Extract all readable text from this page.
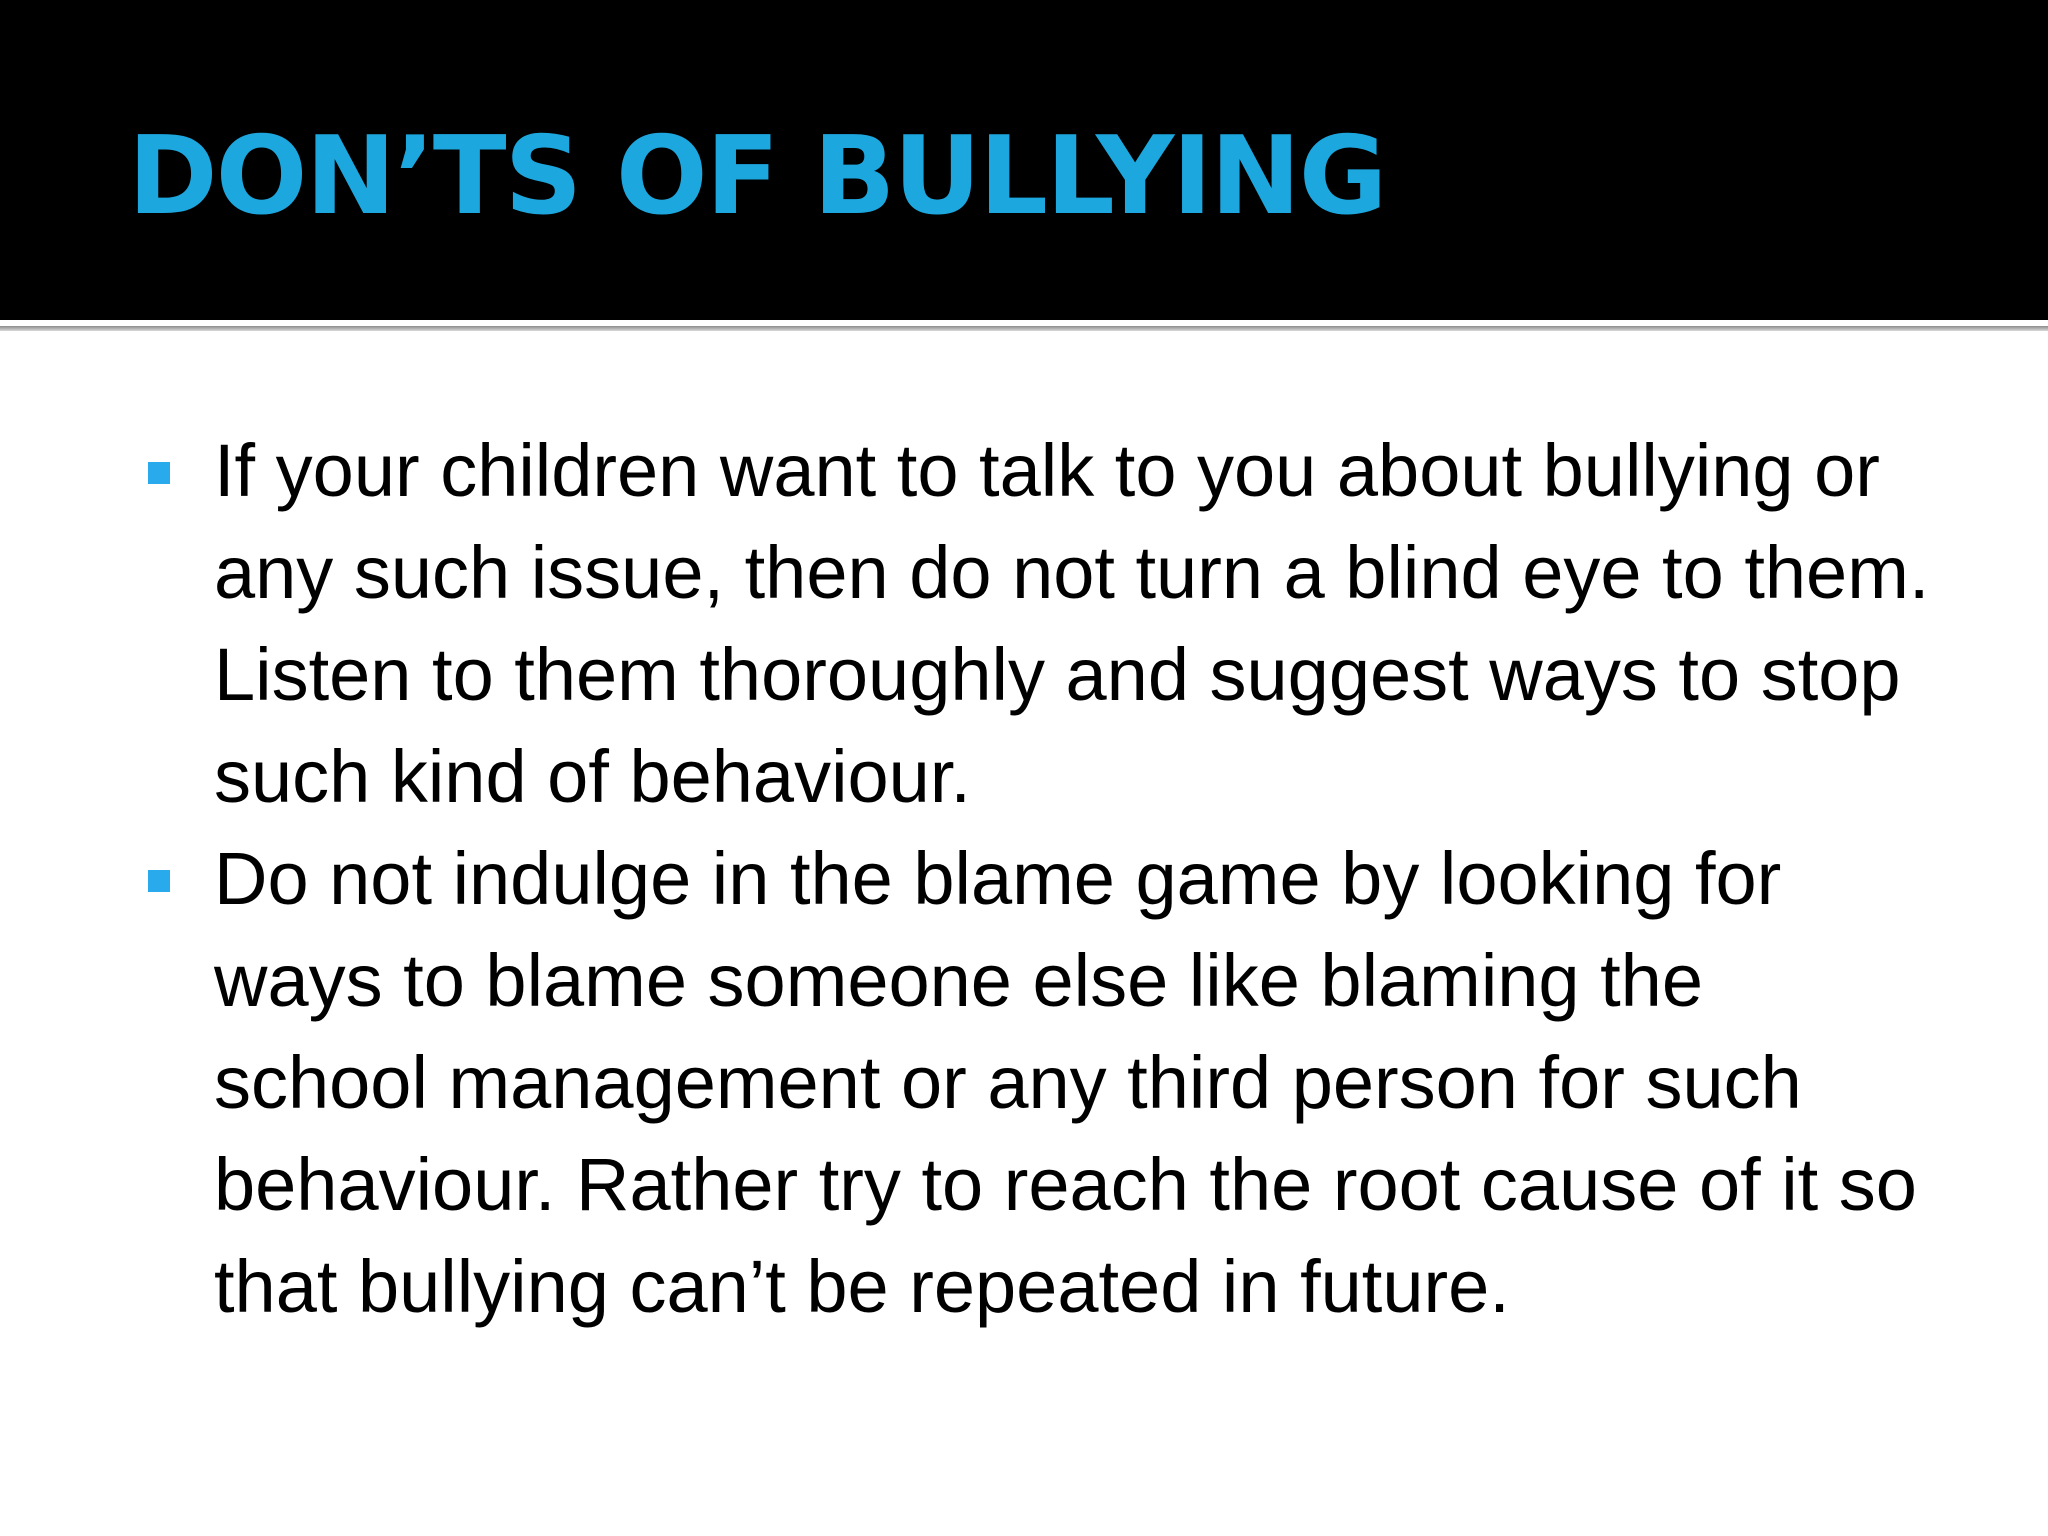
DON’TS OF BULLYING
If your children want to talk to you about bullying or any such issue, then do not turn a blind eye to them. Listen to them thoroughly and suggest ways to stop such kind of behaviour.
Do not indulge in the blame game by looking for ways to blame someone else like blaming the school management or any third person for such behaviour. Rather try to reach the root cause of it so that bullying can’t be repeated in future.
